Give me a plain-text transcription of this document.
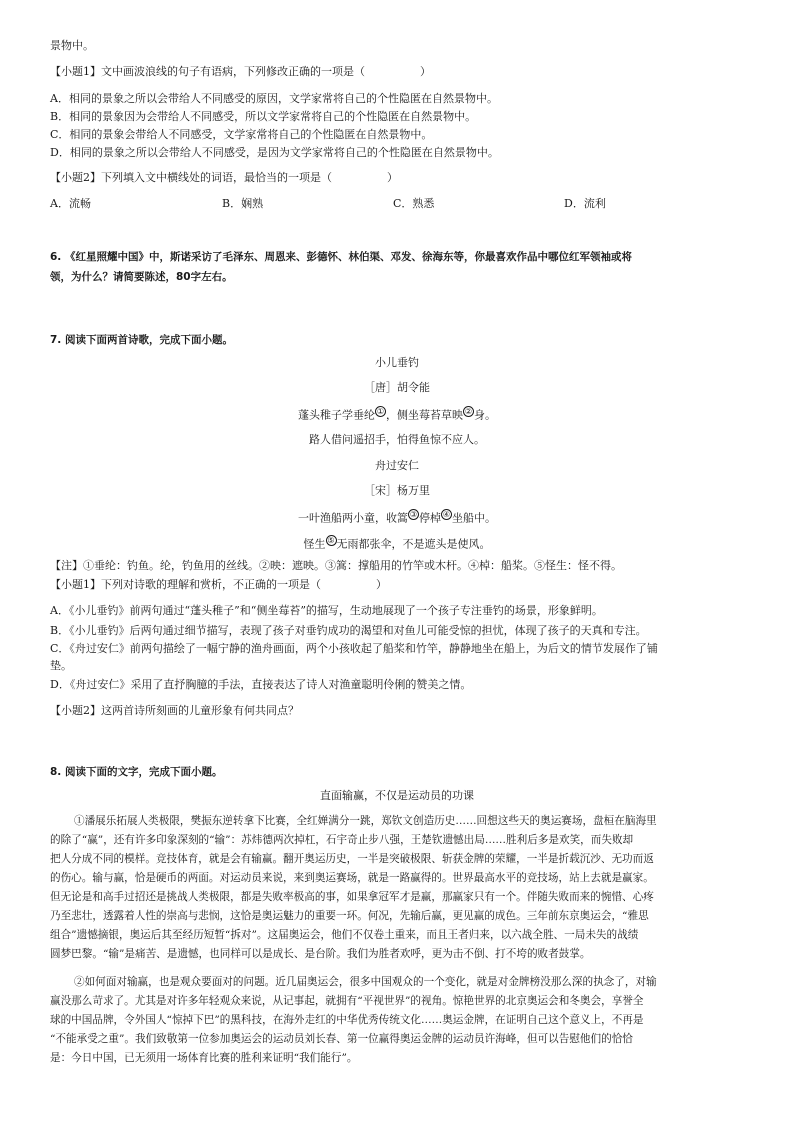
景物中。
【小题1】文中画波浪线的句子有语病，下列修改正确的一项是（　　　　　）
A．相同的景象之所以会带给人不同感受的原因，文学家常将自己的个性隐匿在自然景物中。
B．相同的景象因为会带给人不同感受，所以文学家常将自己的个性隐匿在自然景物中。
C．相同的景象会带给人不同感受，文学家常将自己的个性隐匿在自然景物中。
D．相同的景象之所以会带给人不同感受，是因为文学家常将自己的个性隐匿在自然景物中。
【小题2】下列填入文中横线处的词语，最恰当的一项是（　　　　　）
A．流畅	B．娴熟	C．熟悉	D．流利
6. 《红星照耀中国》中，斯诺采访了毛泽东、周恩来、彭德怀、林伯渠、邓发、徐海东等，你最喜欢作品中哪位红军领袖或将
领，为什么？请简要陈述，80字左右。
7. 阅读下面两首诗歌，完成下面小题。
小儿垂钓
［唐］胡令能
蓬头稚子学垂纶 ① ，侧坐莓苔草映 ② 身。
路人借问遥招手，怕得鱼惊不应人。
舟过安仁
［宋］杨万里
一叶渔船两小童，收篙 ③ 停棹 ④ 坐船中。
怪生 ⑤ 无雨都张伞，不是遮头是使风。
【注】①垂纶：钓鱼。纶，钓鱼用的丝线。②映：遮映。③篙：撑船用的竹竿或木杆。④棹：船桨。⑤怪生：怪不得。
【小题1】下列对诗歌的理解和赏析，不正确的一项是（　　　　　）
A．《小儿垂钓》前两句通过“蓬头稚子”和“侧坐莓苔”的描写，生动地展现了一个孩子专注垂钓的场景，形象鲜明。
B．《小儿垂钓》后两句通过细节描写，表现了孩子对垂钓成功的渴望和对鱼儿可能受惊的担忧，体现了孩子的天真和专注。
C．《舟过安仁》前两句描绘了一幅宁静的渔舟画面，两个小孩收起了船桨和竹竿，静静地坐在船上，为后文的情节发展作了铺
垫。
D．《舟过安仁》采用了直抒胸臆的手法，直接表达了诗人对渔童聪明伶俐的赞美之情。
【小题2】这两首诗所刻画的儿童形象有何共同点？
8. 阅读下面的文字，完成下面小题。
直面输赢，不仅是运动员的功课
①潘展乐拓展人类极限，樊振东逆转拿下比赛，全红婵满分一跳，郑钦文创造历史……回想这些天的奥运赛场，盘桓在脑海里
的除了“赢”，还有许多印象深刻的“输”：苏炜德两次掉杠，石宇奇止步八强，王楚钦遗憾出局……胜利后多是欢笑，而失败却
把人分成不同的模样。竞技体育，就是会有输赢。翻开奥运历史，一半是突破极限、斩获金牌的荣耀，一半是折载沉沙、无功而返
的伤心。输与赢，恰是硬币的两面。对运动员来说，来到奥运赛场，就是一路赢得的。世界最高水平的竞技场，站上去就是赢家。
但无论是和高手过招还是挑战人类极限，都是失败率极高的事，如果拿冠军才是赢，那赢家只有一个。伴随失败而来的惋惜、心疼
乃至悲壮，透露着人性的崇高与悲悯，这恰是奥运魅力的重要一环。何况，先输后赢，更见赢的成色。三年前东京奥运会，“雅思
组合”遗憾摘银，奥运后其至经历短暂“拆对”。这届奥运会，他们不仅卷土重来，而且王者归来，以六战全胜、一局未失的战绩
圆梦巴黎。“输”是痛苦、是遗憾，也同样可以是成长、是台阶。我们为胜者欢呼，更为击不倒、打不垮的败者鼓掌。
②如何面对输赢，也是观众要面对的问题。近几届奥运会，很多中国观众的一个变化，就是对金牌榜没那么深的执念了，对输
赢没那么苛求了。尤其是对许多年轻观众来说，从记事起，就拥有“平视世界”的视角。惊艳世界的北京奥运会和冬奥会，享誉全
球的中国品牌，令外国人“惊掉下巴”的黑科技，在海外走红的中华优秀传统文化……奥运金牌，在证明自己这个意义上，不再是
“不能承受之重”。我们致敬第一位参加奥运会的运动员刘长春、第一位赢得奥运金牌的运动员许海峰，但可以告慰他们的恰恰
是：今日中国，已无须用一场体育比赛的胜利来证明“我们能行”。
